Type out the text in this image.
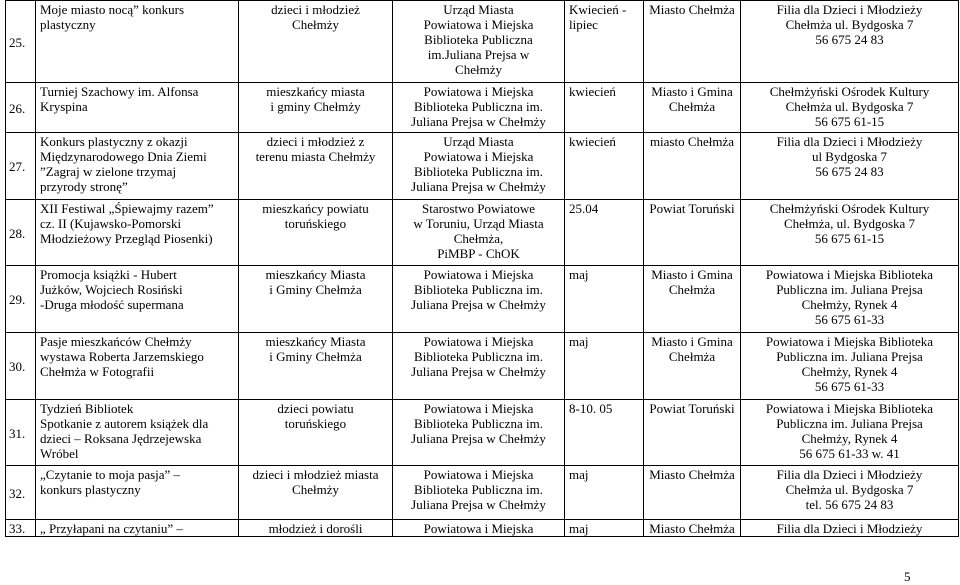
25.	Moje miasto nocą” konkurs
plastyczny	dzieci i młodzież
Chełmży	Urząd Miasta
Powiatowa i Miejska
Biblioteka Publiczna
im.Juliana Prejsa w
Chełmży	Kwiecień -
lipiec	Miasto Chełmża	Filia dla Dzieci i Młodzieży
Chełmża ul. Bydgoska 7
56 675 24 83

26.	Turniej Szachowy im. Alfonsa
Kryspina	mieszkańcy miasta
i gminy Chełmży	Powiatowa i Miejska
Biblioteka Publiczna im.
Juliana Prejsa w Chełmży	kwiecień	Miasto i Gmina
Chełmża	Chełmżyński Ośrodek Kultury
Chełmża ul. Bydgoska 7
56 675 61-15

27.	Konkurs plastyczny z okazji
Międzynarodowego Dnia Ziemi
”Zagraj w zielone trzymaj
przyrody stronę”	dzieci i młodzież z
terenu miasta Chełmży	Urząd Miasta
Powiatowa i Miejska
Biblioteka Publiczna im.
Juliana Prejsa w Chełmży	kwiecień	miasto Chełmża	Filia dla Dzieci i Młodzieży
ul Bydgoska 7
56 675 24 83

28.	XII Festiwal „Śpiewajmy razem”
cz. II (Kujawsko-Pomorski
Młodzieżowy Przegląd Piosenki)	mieszkańcy powiatu
toruńskiego	Starostwo Powiatowe
w Toruniu, Urząd Miasta
Chełmża,
PiMBP - ChOK	25.04	Powiat Toruński	Chełmżyński Ośrodek Kultury
Chełmża, ul. Bydgoska 7
56 675 61-15

29.	Promocja książki - Hubert
Jużków, Wojciech Rosiński
-Druga młodość supermana	mieszkańcy Miasta
i Gminy Chełmża	Powiatowa i Miejska
Biblioteka Publiczna im.
Juliana Prejsa w Chełmży	maj	Miasto i Gmina
Chełmża	Powiatowa i Miejska Biblioteka
Publiczna im. Juliana Prejsa
Chełmży, Rynek 4
56 675 61-33

30.	Pasje mieszkańców Chełmży
wystawa Roberta Jarzemskiego
Chełmża w Fotografii	mieszkańcy Miasta
i Gminy Chełmża	Powiatowa i Miejska
Biblioteka Publiczna im.
Juliana Prejsa w Chełmży	maj	Miasto i Gmina
Chełmża	Powiatowa i Miejska Biblioteka
Publiczna im. Juliana Prejsa
Chełmży, Rynek 4
56 675 61-33

31.	Tydzień Bibliotek
Spotkanie z autorem książek dla
dzieci – Roksana Jędrzejewska
Wróbel	dzieci powiatu
toruńskiego	Powiatowa i Miejska
Biblioteka Publiczna im.
Juliana Prejsa w Chełmży	8-10. 05	Powiat Toruński	Powiatowa i Miejska Biblioteka
Publiczna im. Juliana Prejsa
Chełmży, Rynek 4
56 675 61-33 w. 41

32.	„Czytanie to moja pasja” –
konkurs plastyczny	dzieci i młodzież miasta
Chełmży	Powiatowa i Miejska
Biblioteka Publiczna im.
Juliana Prejsa w Chełmży	maj	Miasto Chełmża	Filia dla Dzieci i Młodzieży
Chełmża ul. Bydgoska 7
tel. 56 675 24 83

33.	„ Przyłapani na czytaniu” –	młodzież i dorośli	Powiatowa i Miejska	maj	Miasto Chełmża	Filia dla Dzieci i Młodzieży
5
